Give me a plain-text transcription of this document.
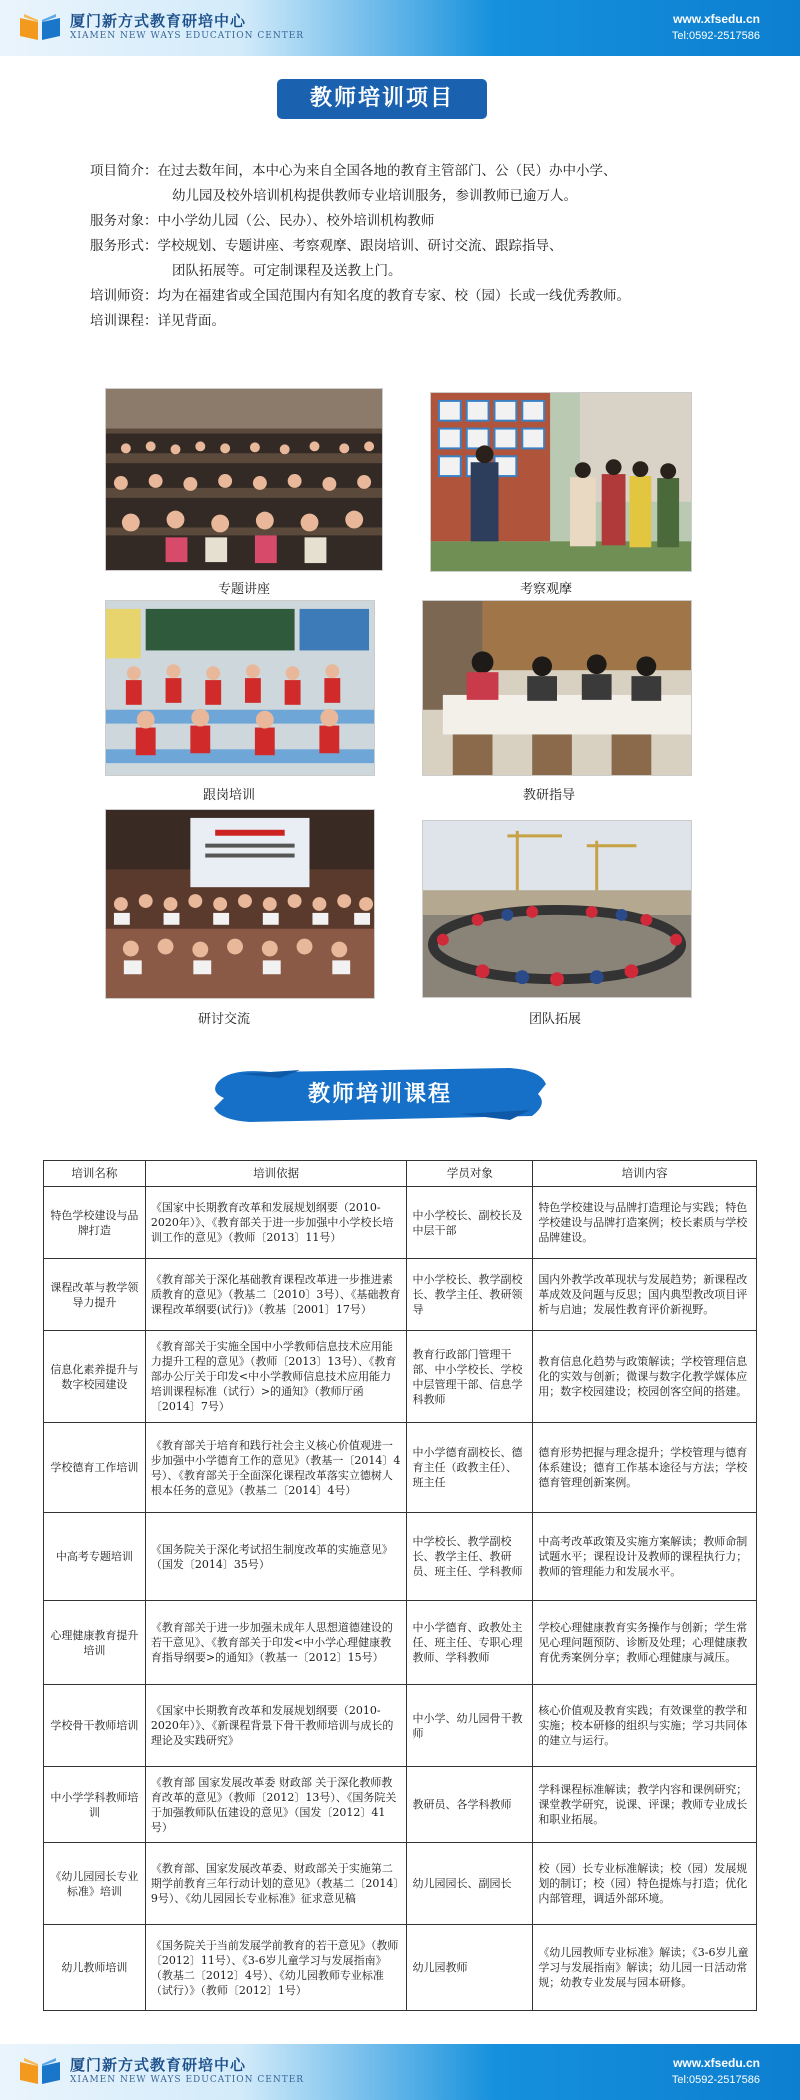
厦门新方式教育研培中心
XIAMEN NEW WAYS EDUCATION CENTER
www.xfsedu.cn
Tel:0592-2517586
教师培训项目

项目简介：在过去数年间，本中心为来自全国各地的教育主管部门、公（民）办中小学、

幼儿园及校外培训机构提供教师专业培训服务，参训教师已逾万人。

服务对象：中小学幼儿园（公、民办）、校外培训机构教师

服务形式：学校规划、专题讲座、考察观摩、跟岗培训、研讨交流、跟踪指导、

团队拓展等。可定制课程及送教上门。

培训师资：均为在福建省或全国范围内有知名度的教育专家、校（园）长或一线优秀教师。

培训课程：详见背面。

专题讲座	考察观摩
跟岗培训	教研指导
研讨交流	团队拓展
教师培训课程
培训名称	培训依据	学员对象	培训内容
特色学校建设与品牌打造	《国家中长期教育改革和发展规划纲要（2010-2020年）》、《教育部关于进一步加强中小学校长培训工作的意见》（教师〔2013〕11号）	中小学校长、副校长及中层干部	特色学校建设与品牌打造理论与实践；特色学校建设与品牌打造案例；校长素质与学校品牌建设。
课程改革与教学领导力提升	《教育部关于深化基础教育课程改革进一步推进素质教育的意见》（教基二〔2010〕3号）、《基础教育课程改革纲要(试行)》（教基〔2001〕17号）	中小学校长、教学副校长、教学主任、教研领导	国内外教学改革现状与发展趋势；新课程改革成效及问题与反思；国内典型教改项目评析与启迪；发展性教育评价新视野。
信息化素养提升与数字校园建设	《教育部关于实施全国中小学教师信息技术应用能力提升工程的意见》（教师〔2013〕13号）、《教育部办公厅关于印发<中小学教师信息技术应用能力培训课程标准（试行）>的通知》（教师厅函〔2014〕7号）	教育行政部门管理干部、中小学校长、学校中层管理干部、信息学科教师	教育信息化趋势与政策解读；学校管理信息化的实效与创新；微课与数字化教学媒体应用；数字校园建设；校园创客空间的搭建。
学校德育工作培训	《教育部关于培育和践行社会主义核心价值观进一步加强中小学德育工作的意见》（教基一〔2014〕4号）、《教育部关于全面深化课程改革落实立德树人根本任务的意见》（教基二〔2014〕4号）	中小学德育副校长、德育主任（政教主任）、班主任	德育形势把握与理念提升；学校管理与德育体系建设；德育工作基本途径与方法；学校德育管理创新案例。
中高考专题培训	《国务院关于深化考试招生制度改革的实施意见》（国发〔2014〕35号）	中学校长、教学副校长、教学主任、教研员、班主任、学科教师	中高考改革政策及实施方案解读；教师命制试题水平；课程设计及教师的课程执行力；教师的管理能力和发展水平。
心理健康教育提升培训	《教育部关于进一步加强未成年人思想道德建设的若干意见》、《教育部关于印发<中小学心理健康教育指导纲要>的通知》（教基一〔2012〕15号）	中小学德育、政教处主任、班主任、专职心理教师、学科教师	学校心理健康教育实务操作与创新；学生常见心理问题预防、诊断及处理；心理健康教育优秀案例分享；教师心理健康与减压。
学校骨干教师培训	《国家中长期教育改革和发展规划纲要（2010-2020年）》、《新课程背景下骨干教师培训与成长的理论及实践研究》	中小学、幼儿园骨干教师	核心价值观及教育实践；有效课堂的教学和实施；校本研修的组织与实施；学习共同体的建立与运行。
中小学学科教师培训	《教育部 国家发展改革委 财政部 关于深化教师教育改革的意见》（教师〔2012〕13号）、《国务院关于加强教师队伍建设的意见》（国发〔2012〕41号）	教研员、各学科教师	学科课程标准解读；教学内容和课例研究；课堂教学研究，说课、评课；教师专业成长和职业拓展。
《幼儿园园长专业标准》培训	《教育部、国家发展改革委、财政部关于实施第二期学前教育三年行动计划的意见》（教基二〔2014〕9号）、《幼儿园园长专业标准》征求意见稿	幼儿园园长、副园长	校（园）长专业标准解读；校（园）发展规划的制订；校（园）特色提炼与打造；优化内部管理，调适外部环境。
幼儿教师培训	《国务院关于当前发展学前教育的若干意见》（教师〔2012〕11号）、《3-6岁儿童学习与发展指南》（教基二〔2012〕4号）、《幼儿园教师专业标准（试行）》（教师〔2012〕1号）	幼儿园教师	《幼儿园教师专业标准》解读；《3-6岁儿童学习与发展指南》解读；幼儿园一日活动常规；幼教专业发展与园本研修。
厦门新方式教育研培中心
XIAMEN NEW WAYS EDUCATION CENTER
www.xfsedu.cn
Tel:0592-2517586
